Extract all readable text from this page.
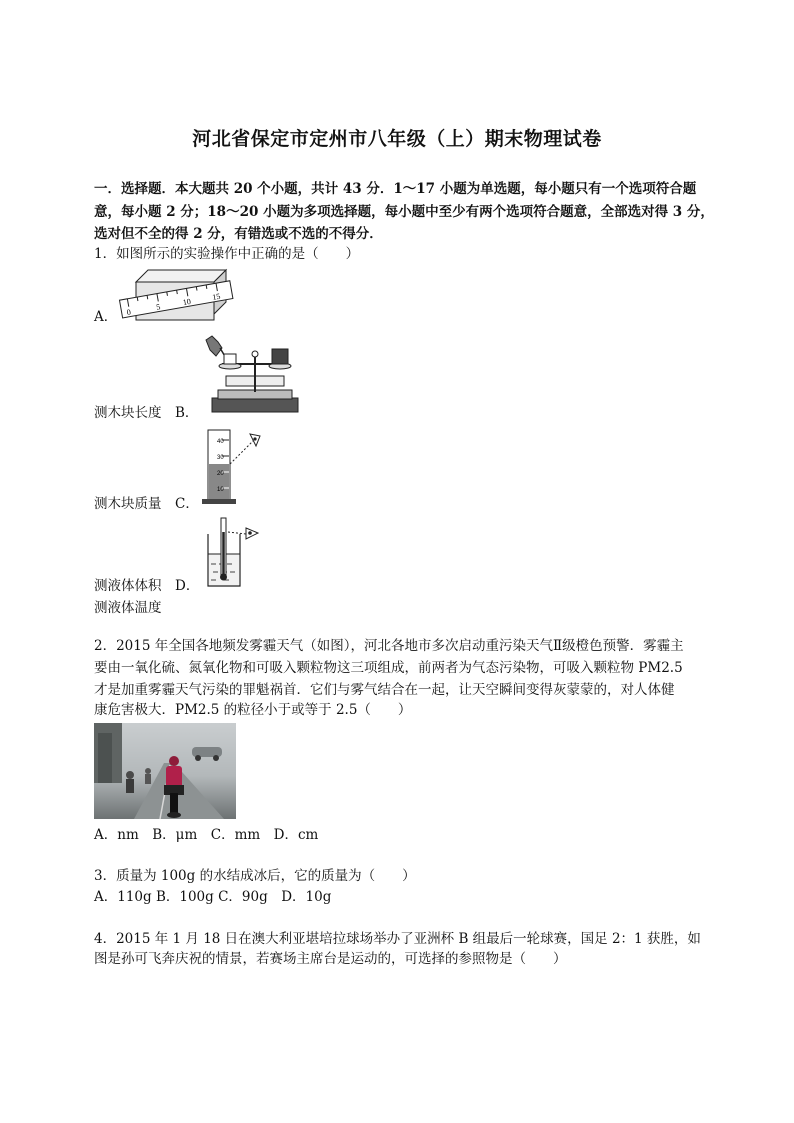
河北省保定市定州市八年级（上）期末物理试卷
一．选择题．本大题共 20 个小题，共计 43 分．1～17 小题为单选题，每小题只有一个选项符合题
意，每小题 2 分；18～20 小题为多项选择题，每小题中至少有两个选项符合题意，全部选对得 3 分，
选对但不全的得 2 分，有错选或不选的不得分．
1．如图所示的实验操作中正确的是（　　）
0
5	10
15
A．
测木块长度　B．
40
30
20
10
测木块质量　C．
测液体体积　D．
测液体温度
2．2015 年全国各地频发雾霾天气（如图），河北各地市多次启动重污染天气Ⅱ级橙色预警．雾霾主
要由一氧化硫、氮氧化物和可吸入颗粒物这三项组成，前两者为气态污染物，可吸入颗粒物 PM2.5
才是加重雾霾天气污染的罪魁祸首．它们与雾气结合在一起，让天空瞬间变得灰蒙蒙的，对人体健
康危害极大．PM2.5 的粒径小于或等于 2.5（　　）
A．nm　B．μm　C．mm　D．cm
3．质量为 100g 的水结成冰后，它的质量为（　　）
A．110g B．100g C．90g　D．10g
4．2015 年 1 月 18 日在澳大利亚堪培拉球场举办了亚洲杯 B 组最后一轮球赛，国足 2：1 获胜，如
图是孙可飞奔庆祝的情景，若赛场主席台是运动的，可选择的参照物是（　　）
